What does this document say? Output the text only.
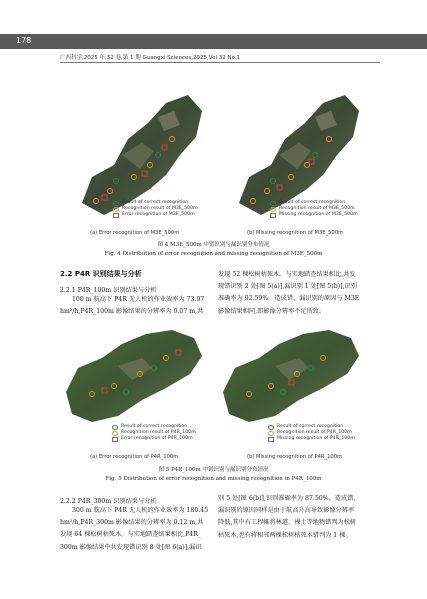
178
广西科学,2025 年,32 卷,第 1 期 Guangxi Sciences,2025,Vol.32 No.1
Result of correct recognition
Recognition result of M3E_500m
Error recognition of M3E_500m
(a) Error recognition of M3E_500m
Result of correct recognition
Recognition result of M3E_500m
Missing recognition of M3E_500m
(b) Missing recognition of M3E_500m
图 4 M3E_500m 中错识别与漏识别分布情况
Fig. 4 Distribution of error recognition and missing recognition of M3E_500m
2.2 P4R 识别结果与分析
2.2.1 P4R_100m 识别结果与分析
100 m 航高下 P4R 无人机的作业效率为 73.97
hm²/h,P4R_100m 影像结果的分辨率为 0.07 m,共
发现 52 棵松树枯死木。与实地踏查结果相比,共发
现错识别 2 处[图 5(a)],漏识别 1 处[图 5(b)],识别
准确率为 92.59%。造成错、漏识别的原因与 M3E
影像结果相同,即影像分辨率不足所致。
Result of correct recognition
Recognition result of P4R_100m
Error recognition of P4R_100m
(a) Error recognition of P4R_100m
Result of correct recognition
Recognition result of P4R_100m
Missing recognition of P4R_100m
(b) Missing recognition of P4R_100m
图 5 P4R_100m 中错识别与漏识别分布情况
Fig. 5 Distribution of error recognition and missing recognition in P4R_100m
2.2.2 P4R_300m 识别结果与分析
300 m 航高下 P4R 无人机的作业效率为 180.45
hm²/h,P4R_300m 影像结果的分辨率为 0.12 m,共
发现 64 棵松树枯死木。与实地踏查结果相比,P4R_
300m 影像结果中共发现错识别 8 处[图 6(a)],漏识
别 5 处[图 6(b)],识别准确率为 87.50%。造成错、
漏识别的原因同样是由于航高升高导致影像分辨率
降低,其中有工程帷将林道、裸土等地物错判为松树
枯死木,也有将相邻两棵松树枯死木错判为 1 棵。
